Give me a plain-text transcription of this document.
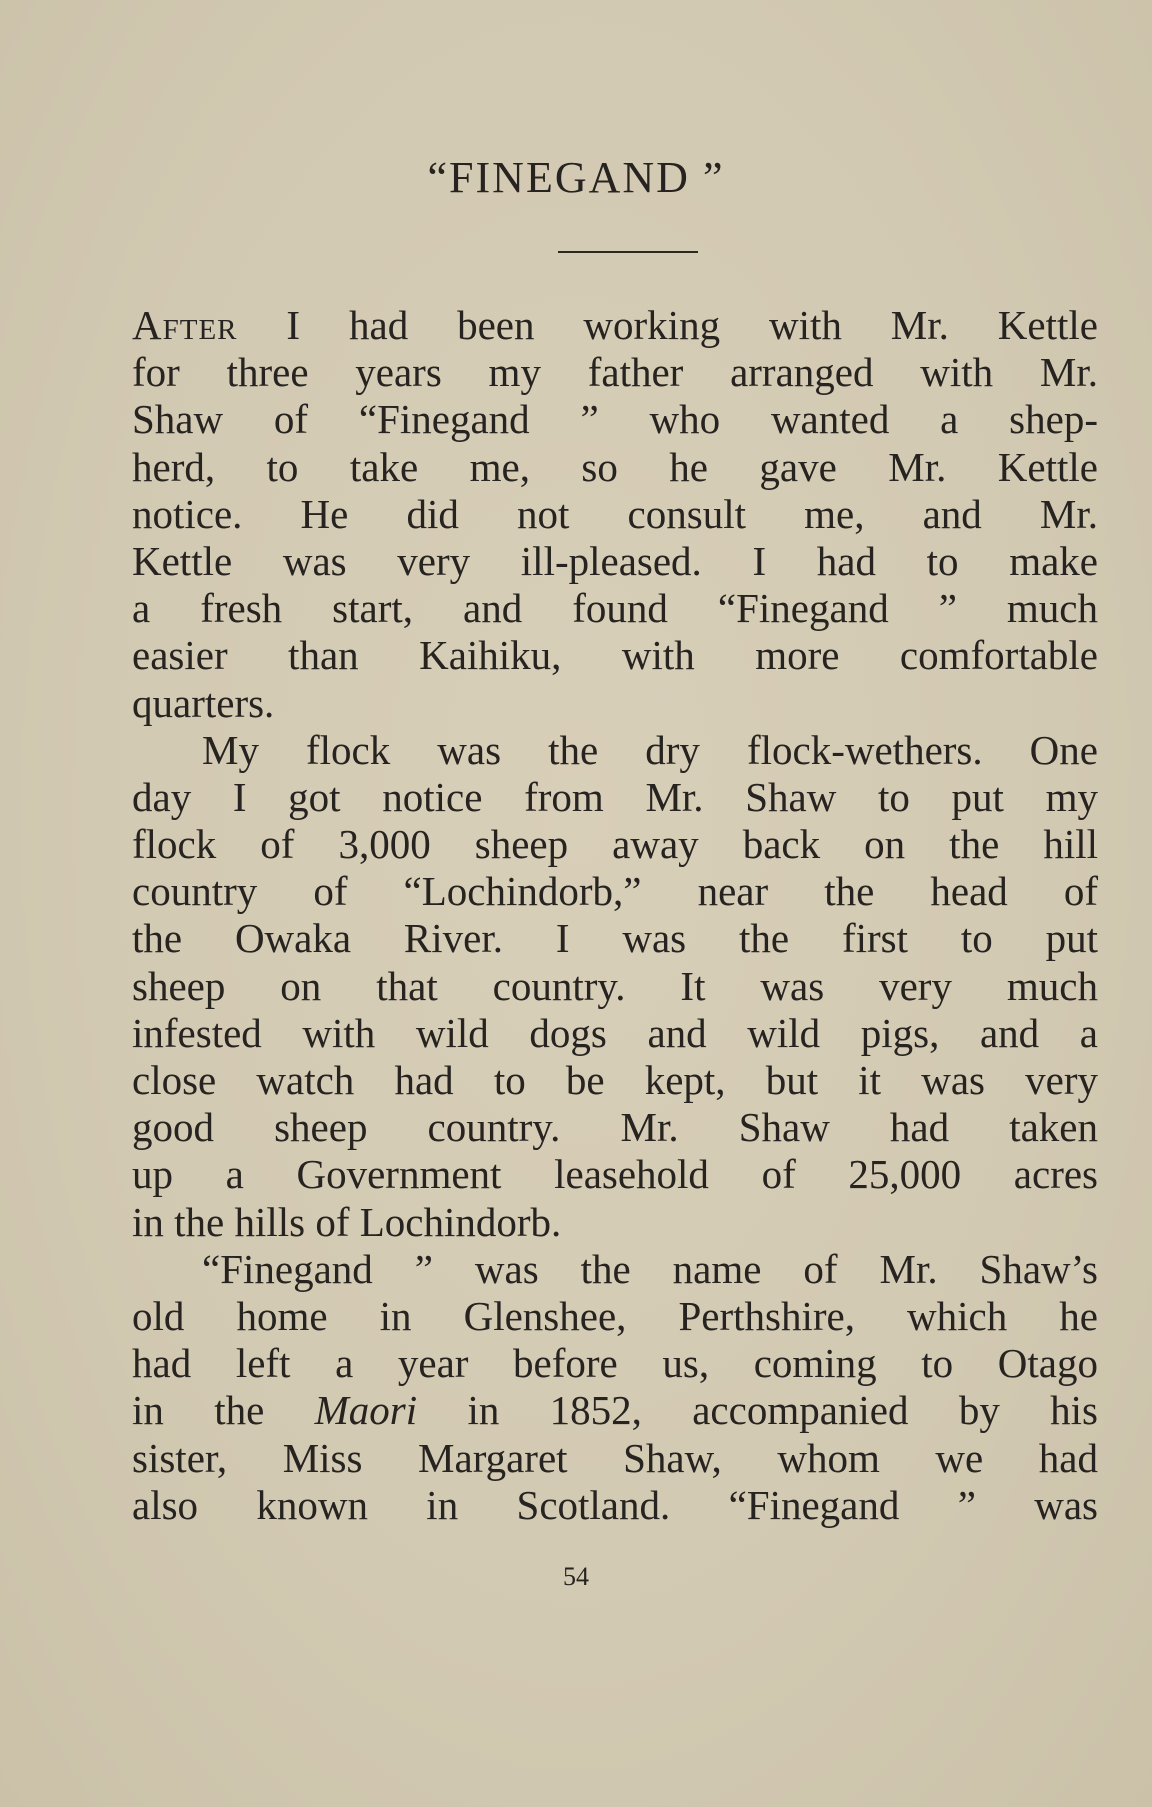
“FINEGAND ”
After I had been working with Mr. Kettle
for three years my father arranged with Mr.
Shaw of “Finegand ” who wanted a shep-
herd, to take me, so he gave Mr. Kettle
notice. He did not consult me, and Mr.
Kettle was very ill-pleased. I had to make
a fresh start, and found “Finegand ” much
easier than Kaihiku, with more comfortable
quarters.
My flock was the dry flock-wethers. One
day I got notice from Mr. Shaw to put my
flock of 3,000 sheep away back on the hill
country of “Lochindorb,” near the head of
the Owaka River. I was the first to put
sheep on that country. It was very much
infested with wild dogs and wild pigs, and a
close watch had to be kept, but it was very
good sheep country. Mr. Shaw had taken
up a Government leasehold of 25,000 acres
in the hills of Lochindorb.
“Finegand ” was the name of Mr. Shaw’s
old home in Glenshee, Perthshire, which he
had left a year before us, coming to Otago
in the Maori in 1852, accompanied by his
sister, Miss Margaret Shaw, whom we had
also known in Scotland. “Finegand ” was
54
